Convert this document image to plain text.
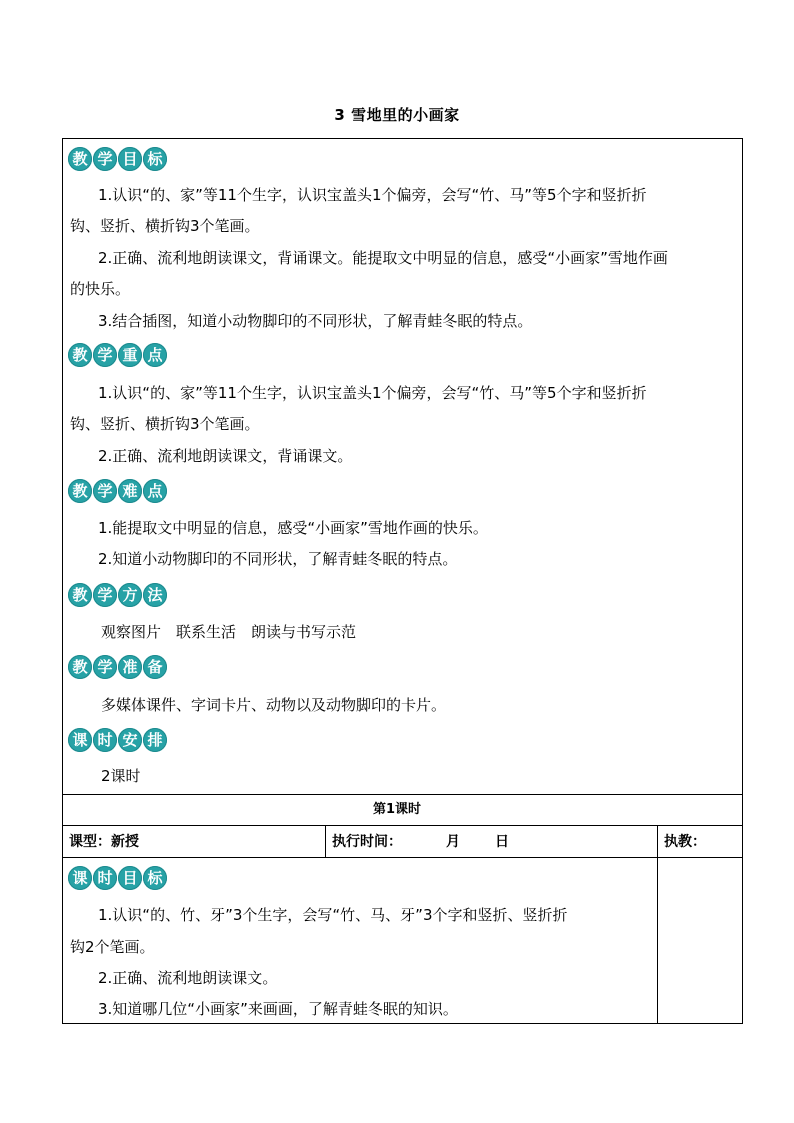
3 雪地里的小画家
教 学 目 标
1.认识“的、家”等11个生字，认识宝盖头1个偏旁，会写“竹、马”等5个字和竖折折
钩、竖折、横折钩3个笔画。
2.正确、流利地朗读课文，背诵课文。能提取文中明显的信息，感受“小画家”雪地作画
的快乐。
3.结合插图，知道小动物脚印的不同形状，了解青蛙冬眠的特点。
教 学 重 点
1.认识“的、家”等11个生字，认识宝盖头1个偏旁，会写“竹、马”等5个字和竖折折
钩、竖折、横折钩3个笔画。
2.正确、流利地朗读课文，背诵课文。
教 学 难 点
1.能提取文中明显的信息，感受“小画家”雪地作画的快乐。
2.知道小动物脚印的不同形状，了解青蛙冬眠的特点。
教 学 方 法
观察图片　联系生活　朗读与书写示范
教 学 准 备
多媒体课件、字词卡片、动物以及动物脚印的卡片。
课 时 安 排
2课时
第1课时
课型：新授	执行时间：	月	日	执教：
课 时 目 标
1.认识“的、竹、牙”3个生字，会写“竹、马、牙”3个字和竖折、竖折折
钩2个笔画。
2.正确、流利地朗读课文。
3.知道哪几位“小画家”来画画，了解青蛙冬眠的知识。
